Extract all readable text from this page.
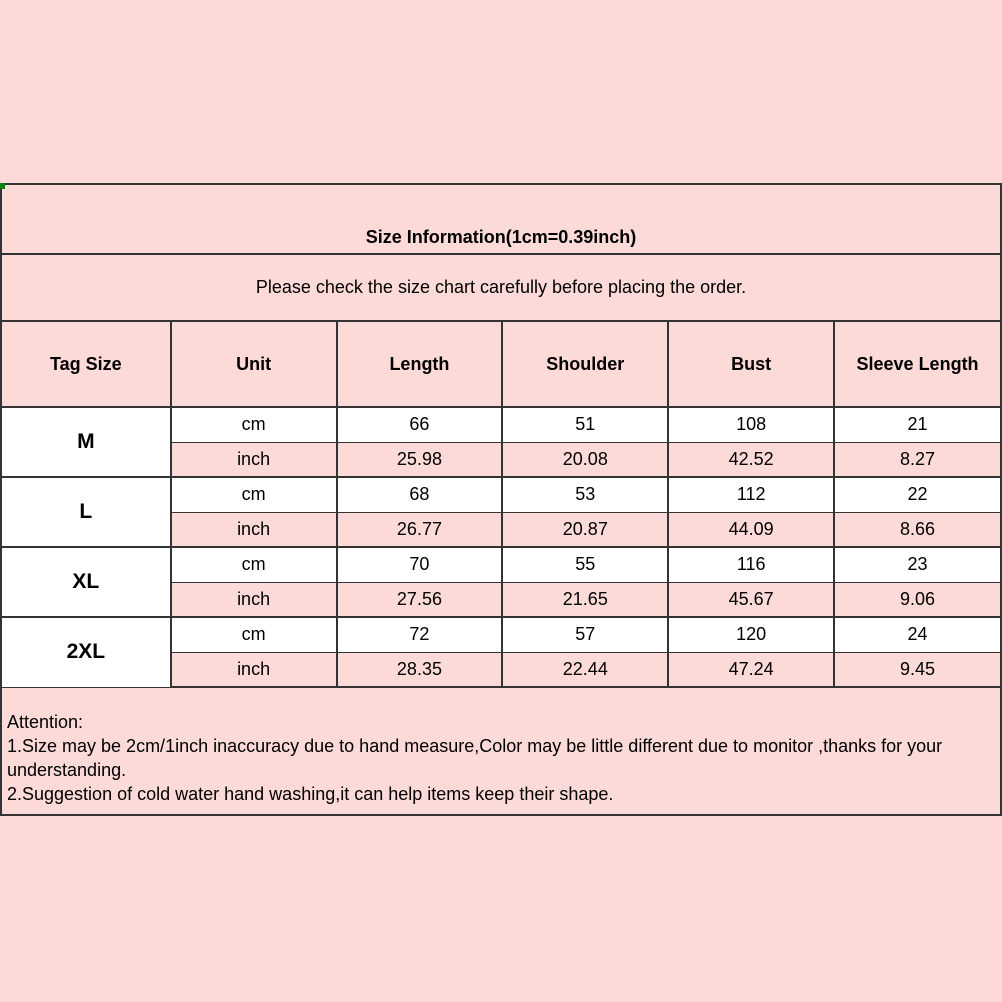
Size Information(1cm=0.39inch)
Please check the size chart carefully before placing the order.
Tag Size	Unit	Length	Shoulder	Bust	Sleeve Length
M	cm	66	51	108	21
	inch	25.98	20.08	42.52	8.27
L	cm	68	53	112	22
	inch	26.77	20.87	44.09	8.66
XL	cm	70	55	116	23
	inch	27.56	21.65	45.67	9.06
2XL	cm	72	57	120	24
	inch	28.35	22.44	47.24	9.45
Attention:
1.Size may be 2cm/1inch inaccuracy due to hand measure,Color may be little different due to monitor ,thanks for your
understanding.
2.Suggestion of cold water hand washing,it can help items keep their shape.
